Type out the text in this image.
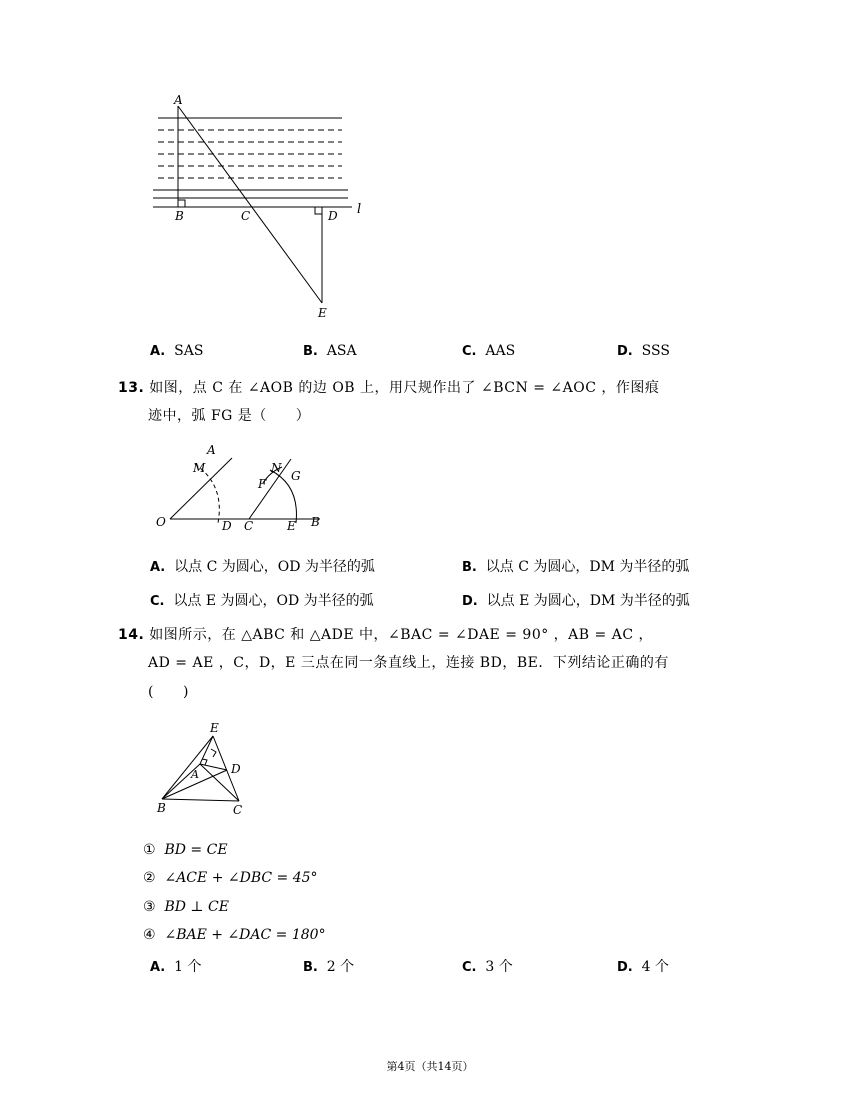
A
B	C	D
E
l
A. SAS	B. ASA	C. AAS	D. SSS
13. 如图，点 C 在 ∠AOB 的边 OB 上，用尺规作出了 ∠BCN = ∠AOC ，作图痕
迹中，弧 FG 是（　　）
A
M
O	D C
N
F
G
E B
A. 以点 C 为圆心，OD 为半径的弧	B. 以点 C 为圆心，DM 为半径的弧
C. 以点 E 为圆心，OD 为半径的弧	D. 以点 E 为圆心，DM 为半径的弧
14. 如图所示，在 △ABC 和 △ADE 中，∠BAC = ∠DAE = 90° ，AB = AC ，
AD = AE ，C，D，E 三点在同一条直线上，连接 BD，BE．下列结论正确的有
(　　)
E
A	D
B	C
① BD = CE
② ∠ACE + ∠DBC = 45°
③ BD ⊥ CE
④ ∠BAE + ∠DAC = 180°
A. 1 个	B. 2 个	C. 3 个	D. 4 个
第4页（共14页）
